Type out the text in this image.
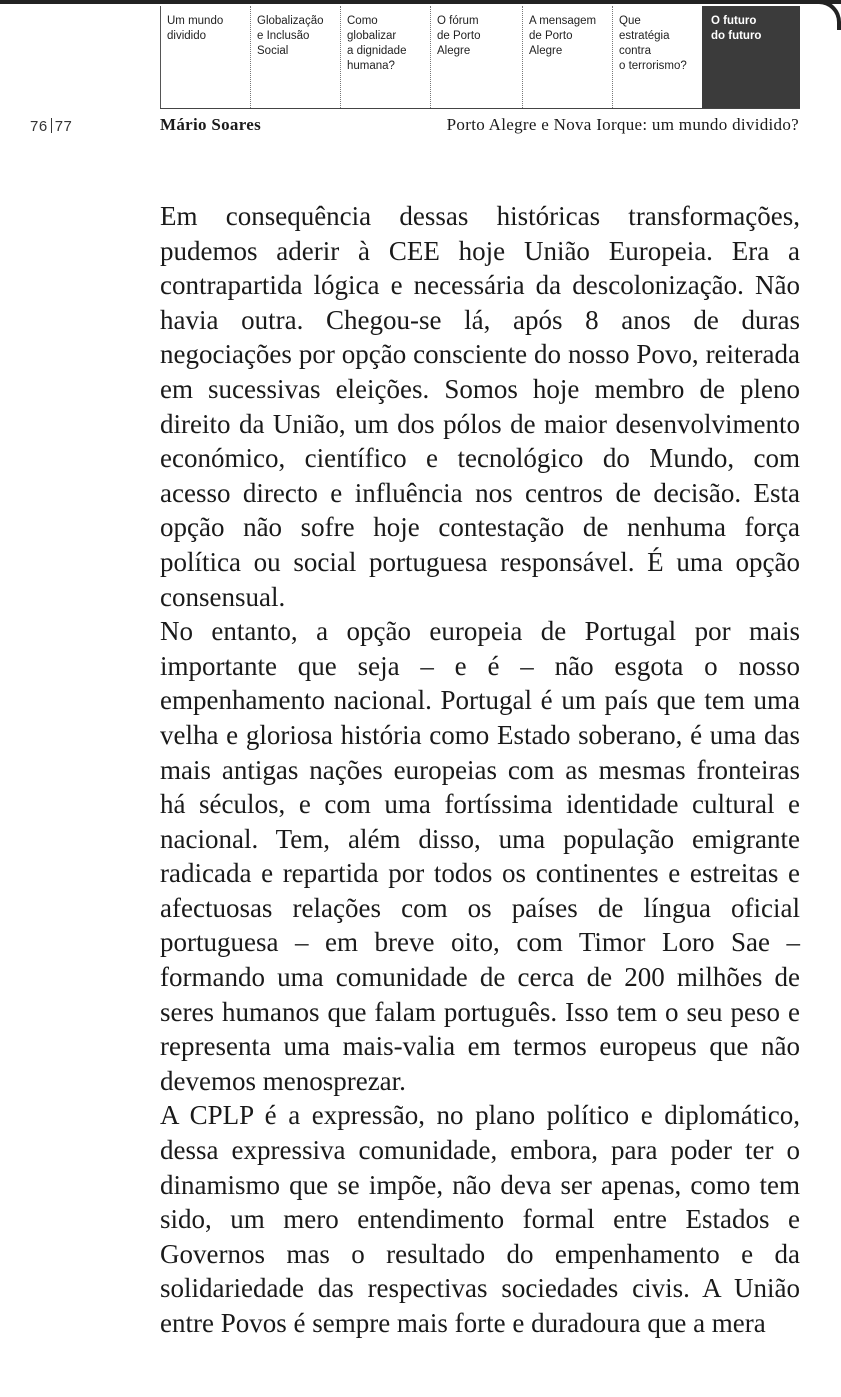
Um mundo
dividido
Globalização
e Inclusão
Social
Como
globalizar
a dignidade
humana?
O fórum
de Porto
Alegre
A mensagem
de Porto
Alegre
Que
estratégia
contra
o terrorismo?
O futuro
do futuro
76 77	Mário Soares	Porto Alegre e Nova Iorque: um mundo dividido?

Em consequência dessas históricas transformações, pudemos aderir à CEE hoje União Europeia. Era a contrapartida lógica e necessária da descolonização. Não havia outra. Chegou-se lá, após 8 anos de duras negociações por opção consciente do nosso Povo, reiterada em sucessivas eleições. Somos hoje membro de pleno direito da União, um dos pólos de maior desenvolvimento económico, científico e tecnológico do Mundo, com acesso directo e influência nos centros de decisão. Esta opção não sofre hoje contestação de nenhuma força política ou social portuguesa responsável. É uma opção consensual.

No entanto, a opção europeia de Portugal por mais importante que seja – e é – não esgota o nosso empenhamento nacional. Portugal é um país que tem uma velha e gloriosa história como Estado soberano, é uma das mais antigas nações europeias com as mesmas fronteiras há séculos, e com uma fortíssima identidade cultural e nacional. Tem, além disso, uma população emigrante radicada e repartida por todos os continentes e estreitas e afectuosas relações com os países de língua oficial portuguesa – em breve oito, com Timor Loro Sae – formando uma comunidade de cerca de 200 milhões de seres humanos que falam português. Isso tem o seu peso e representa uma mais-valia em termos europeus que não devemos menosprezar.

A CPLP é a expressão, no plano político e diplomático, dessa expressiva comunidade, embora, para poder ter o dinamismo que se impõe, não deva ser apenas, como tem sido, um mero entendimento formal entre Estados e Governos mas o resultado do empenhamento e da solidariedade das respectivas sociedades civis. A União entre Povos é sempre mais forte e duradoura que a mera
